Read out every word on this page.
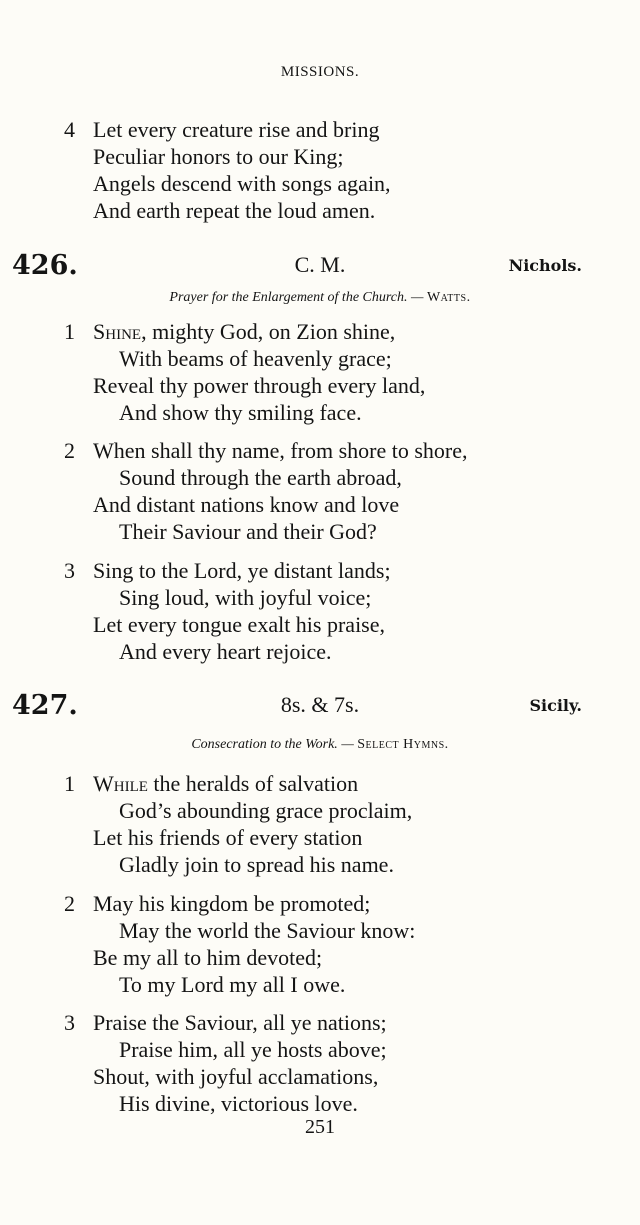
MISSIONS.
4 Let every creature rise and bring
Peculiar honors to our King;
Angels descend with songs again,
And earth repeat the loud amen.
426.	C. M.	Nichols.
Prayer for the Enlargement of the Church. — Watts.
1 Shine, mighty God, on Zion shine,
With beams of heavenly grace;
Reveal thy power through every land,
And show thy smiling face.
2 When shall thy name, from shore to shore,
Sound through the earth abroad,
And distant nations know and love
Their Saviour and their God?
3 Sing to the Lord, ye distant lands;
Sing loud, with joyful voice;
Let every tongue exalt his praise,
And every heart rejoice.
427.	8s. & 7s.	Sicily.
Consecration to the Work. — Select Hymns.
1 While the heralds of salvation
God’s abounding grace proclaim,
Let his friends of every station
Gladly join to spread his name.
2 May his kingdom be promoted;
May the world the Saviour know:
Be my all to him devoted;
To my Lord my all I owe.
3 Praise the Saviour, all ye nations;
Praise him, all ye hosts above;
Shout, with joyful acclamations,
His divine, victorious love.
251
